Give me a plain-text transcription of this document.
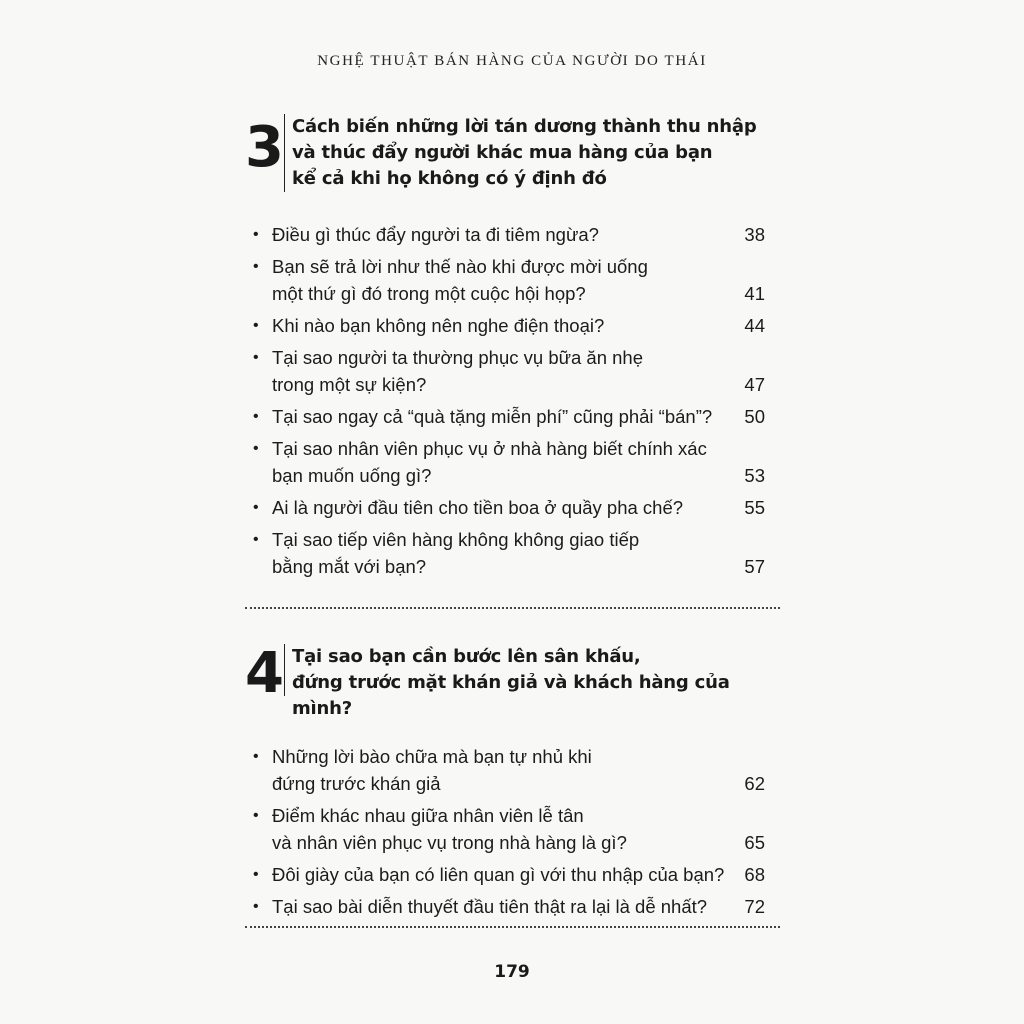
NGHỆ THUẬT BÁN HÀNG CỦA NGƯỜI DO THÁI
3 Cách biến những lời tán dương thành thu nhập
và thúc đẩy người khác mua hàng của bạn
kể cả khi họ không có ý định đó
• Điều gì thúc đẩy người ta đi tiêm ngừa?	38
• Bạn sẽ trả lời như thế nào khi được mời uống
một thứ gì đó trong một cuộc hội họp?	41
• Khi nào bạn không nên nghe điện thoại?	44
• Tại sao người ta thường phục vụ bữa ăn nhẹ
trong một sự kiện?	47
• Tại sao ngay cả “quà tặng miễn phí” cũng phải “bán”?	50
• Tại sao nhân viên phục vụ ở nhà hàng biết chính xác
bạn muốn uống gì?	53
• Ai là người đầu tiên cho tiền boa ở quầy pha chế?	55
• Tại sao tiếp viên hàng không không giao tiếp
bằng mắt với bạn?	57
4 Tại sao bạn cần bước lên sân khấu,
đứng trước mặt khán giả và khách hàng của mình?
• Những lời bào chữa mà bạn tự nhủ khi
đứng trước khán giả	62
• Điểm khác nhau giữa nhân viên lễ tân
và nhân viên phục vụ trong nhà hàng là gì?	65
• Đôi giày của bạn có liên quan gì với thu nhập của bạn? 68
• Tại sao bài diễn thuyết đầu tiên thật ra lại là dễ nhất?	72
179
